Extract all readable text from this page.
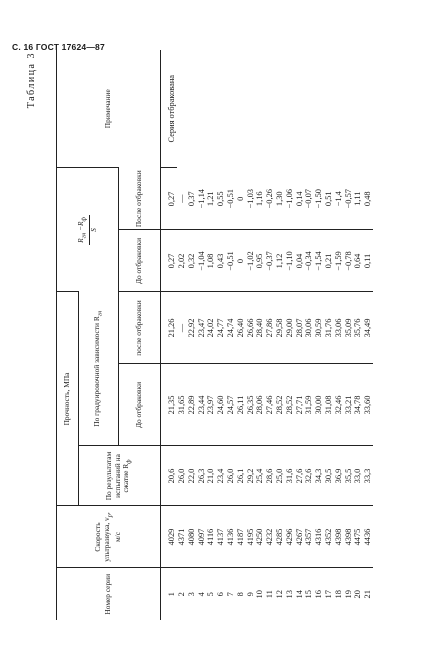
С. 16 ГОСТ 17624—87
Таблица 3
Номер серии	Скорость ультразвука, $v_p$, м/с	Прочность, МПа			$R_{гн} -R_ф$
S		Примечание
		По результатам испытаний на сжатие $R_ф$	По градуировочной зависимости $R_{гн}$
			До отбраковки	после отбраковки	До отбраковки	После отбраковки	
1	4029	20,6	21,35	21,26	0,27	0,27	Серия отбракована
2	4371	26,0	31,65	—	2,02	—	
3	4080	22,0	22,89	22,92	0,32	0,37	
4	4097	26,3	23,44	23,47	−1,04	−1,14	
5	4116	21,0	23,97	24,02	1,08	1,21	
6	4137	23,4	24,60	24,77	0,43	0,55	
7	4136	26,0	24,57	24,74	−0,51	−0,51	
8	4187	26,1	26,11	26,40	0	0	
9	4195	29,2	26,35	26,66	−1,02	−1,03	
10	4250	25,4	28,06	28,40	0,95	1,16	
11	4232	28,6	27,46	27,86	−0,37	−0,26	
12	4285	25,0	28,52	29,58	1,12	1,30	
13	4296	31,6	28,52	29,00	−1,10	−1,06	
14	4267	27,6	27,71	28,07	0,04	0,14	
15	4357	32,6	31,59	30,06	−0,34	−0,07	
16	4316	34,3	30,00	30,59	−1,54	−1,50	
17	4352	30,5	31,08	31,76	0,21	0,51	
18	4398	36,9	32,46	33,06	−1,59	−1,4	
19	4398	35,5	33,21	35,09	−0,78	−0,57	
20	4475	33,0	34,78	35,76	0,64	1,11	
21	4436	33,3	33,60	34,49	0,11	0,48	
